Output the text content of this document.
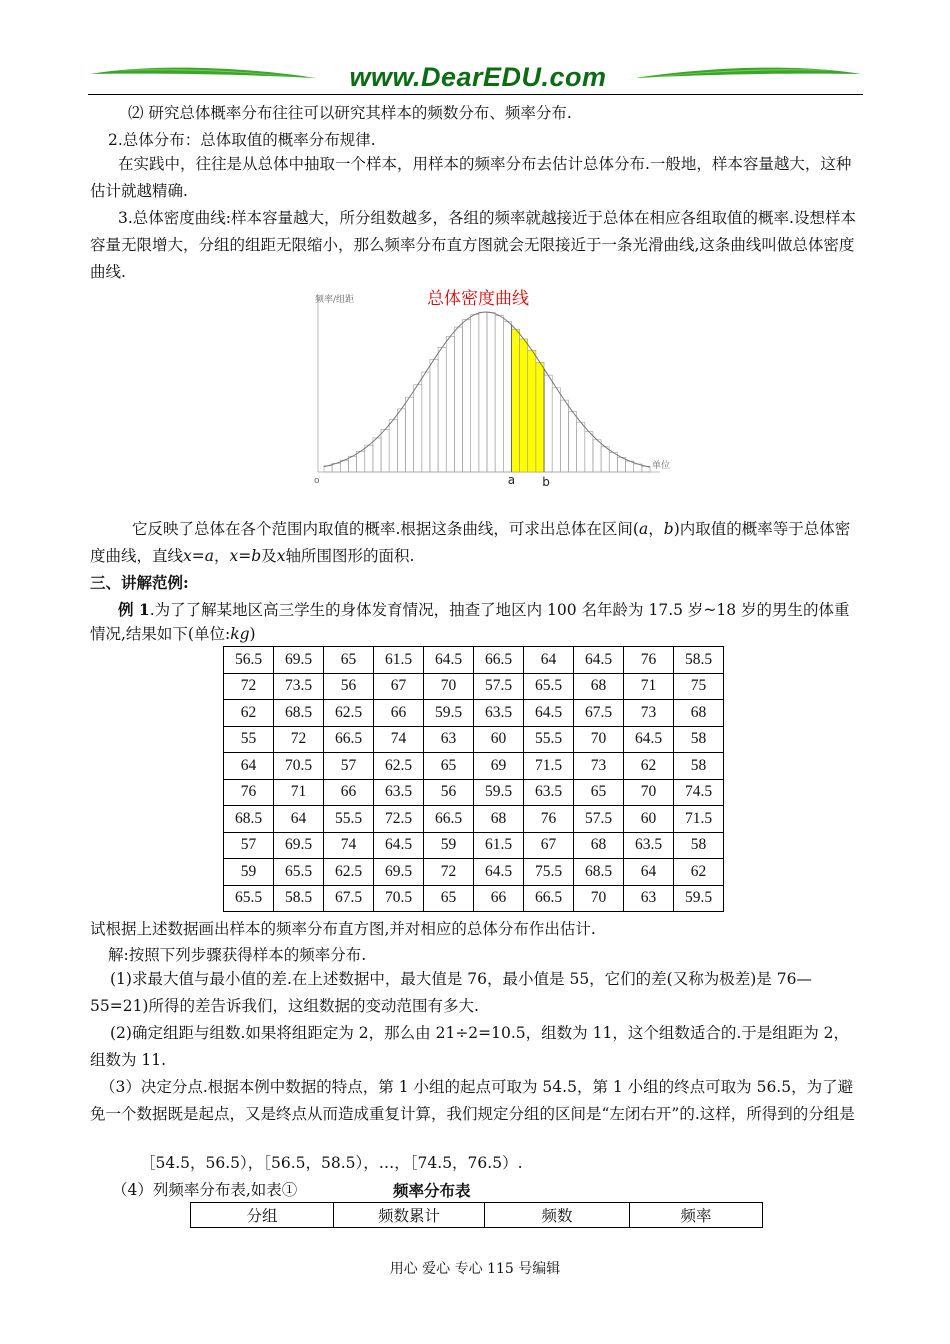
www.DearEDU.com
⑵ 研究总体概率分布往往可以研究其样本的频数分布、频率分布.
2.总体分布：总体取值的概率分布规律.
在实践中，往往是从总体中抽取一个样本，用样本的频率分布去估计总体分布.一般地，样本容量越大，这种估计就越精确.
3.总体密度曲线:样本容量越大，所分组数越多，各组的频率就越接近于总体在相应各组取值的概率.设想样本容量无限增大，分组的组距无限缩小，那么频率分布直方图就会无限接近于一条光滑曲线,这条曲线叫做总体密度曲线.
总体密度曲线
频率/组距
单位
o	a b
它反映了总体在各个范围内取值的概率.根据这条曲线，可求出总体在区间(a，b)内取值的概率等于总体密度曲线，直线x=a，x=b及x轴所围图形的面积.
三、讲解范例:
例 1.为了了解某地区高三学生的身体发育情况，抽查了地区内 100 名年龄为 17.5 岁~18 岁的男生的体重
情况,结果如下(单位:kg)
56.5	69.5	65	61.5	64.5	66.5	64	64.5	76	58.5
72	73.5	56	67	70	57.5	65.5	68	71	75
62	68.5	62.5	66	59.5	63.5	64.5	67.5	73	68
55	72	66.5	74	63	60	55.5	70	64.5	58
64	70.5	57	62.5	65	69	71.5	73	62	58
76	71	66	63.5	56	59.5	63.5	65	70	74.5
68.5	64	55.5	72.5	66.5	68	76	57.5	60	71.5
57	69.5	74	64.5	59	61.5	67	68	63.5	58
59	65.5	62.5	69.5	72	64.5	75.5	68.5	64	62
65.5	58.5	67.5	70.5	65	66	66.5	70	63	59.5
试根据上述数据画出样本的频率分布直方图,并对相应的总体分布作出估计.
解:按照下列步骤获得样本的频率分布.
(1)求最大值与最小值的差.在上述数据中，最大值是 76，最小值是 55，它们的差(又称为极差)是 76—55=21)所得的差告诉我们，这组数据的变动范围有多大.
(2)确定组距与组数.如果将组距定为 2，那么由 21÷2=10.5，组数为 11，这个组数适合的.于是组距为 2，组数为 11.
（3）决定分点.根据本例中数据的特点，第 1 小组的起点可取为 54.5，第 1 小组的终点可取为 56.5，为了避免一个数据既是起点，又是终点从而造成重复计算，我们规定分组的区间是“左闭右开”的.这样，所得到的分组是
［54.5，56.5），［56.5，58.5），…，［74.5，76.5）.
（4）列频率分布表,如表①	频率分布表
分组	频数累计	频数	频率
用心 爱心 专心 115 号编辑
